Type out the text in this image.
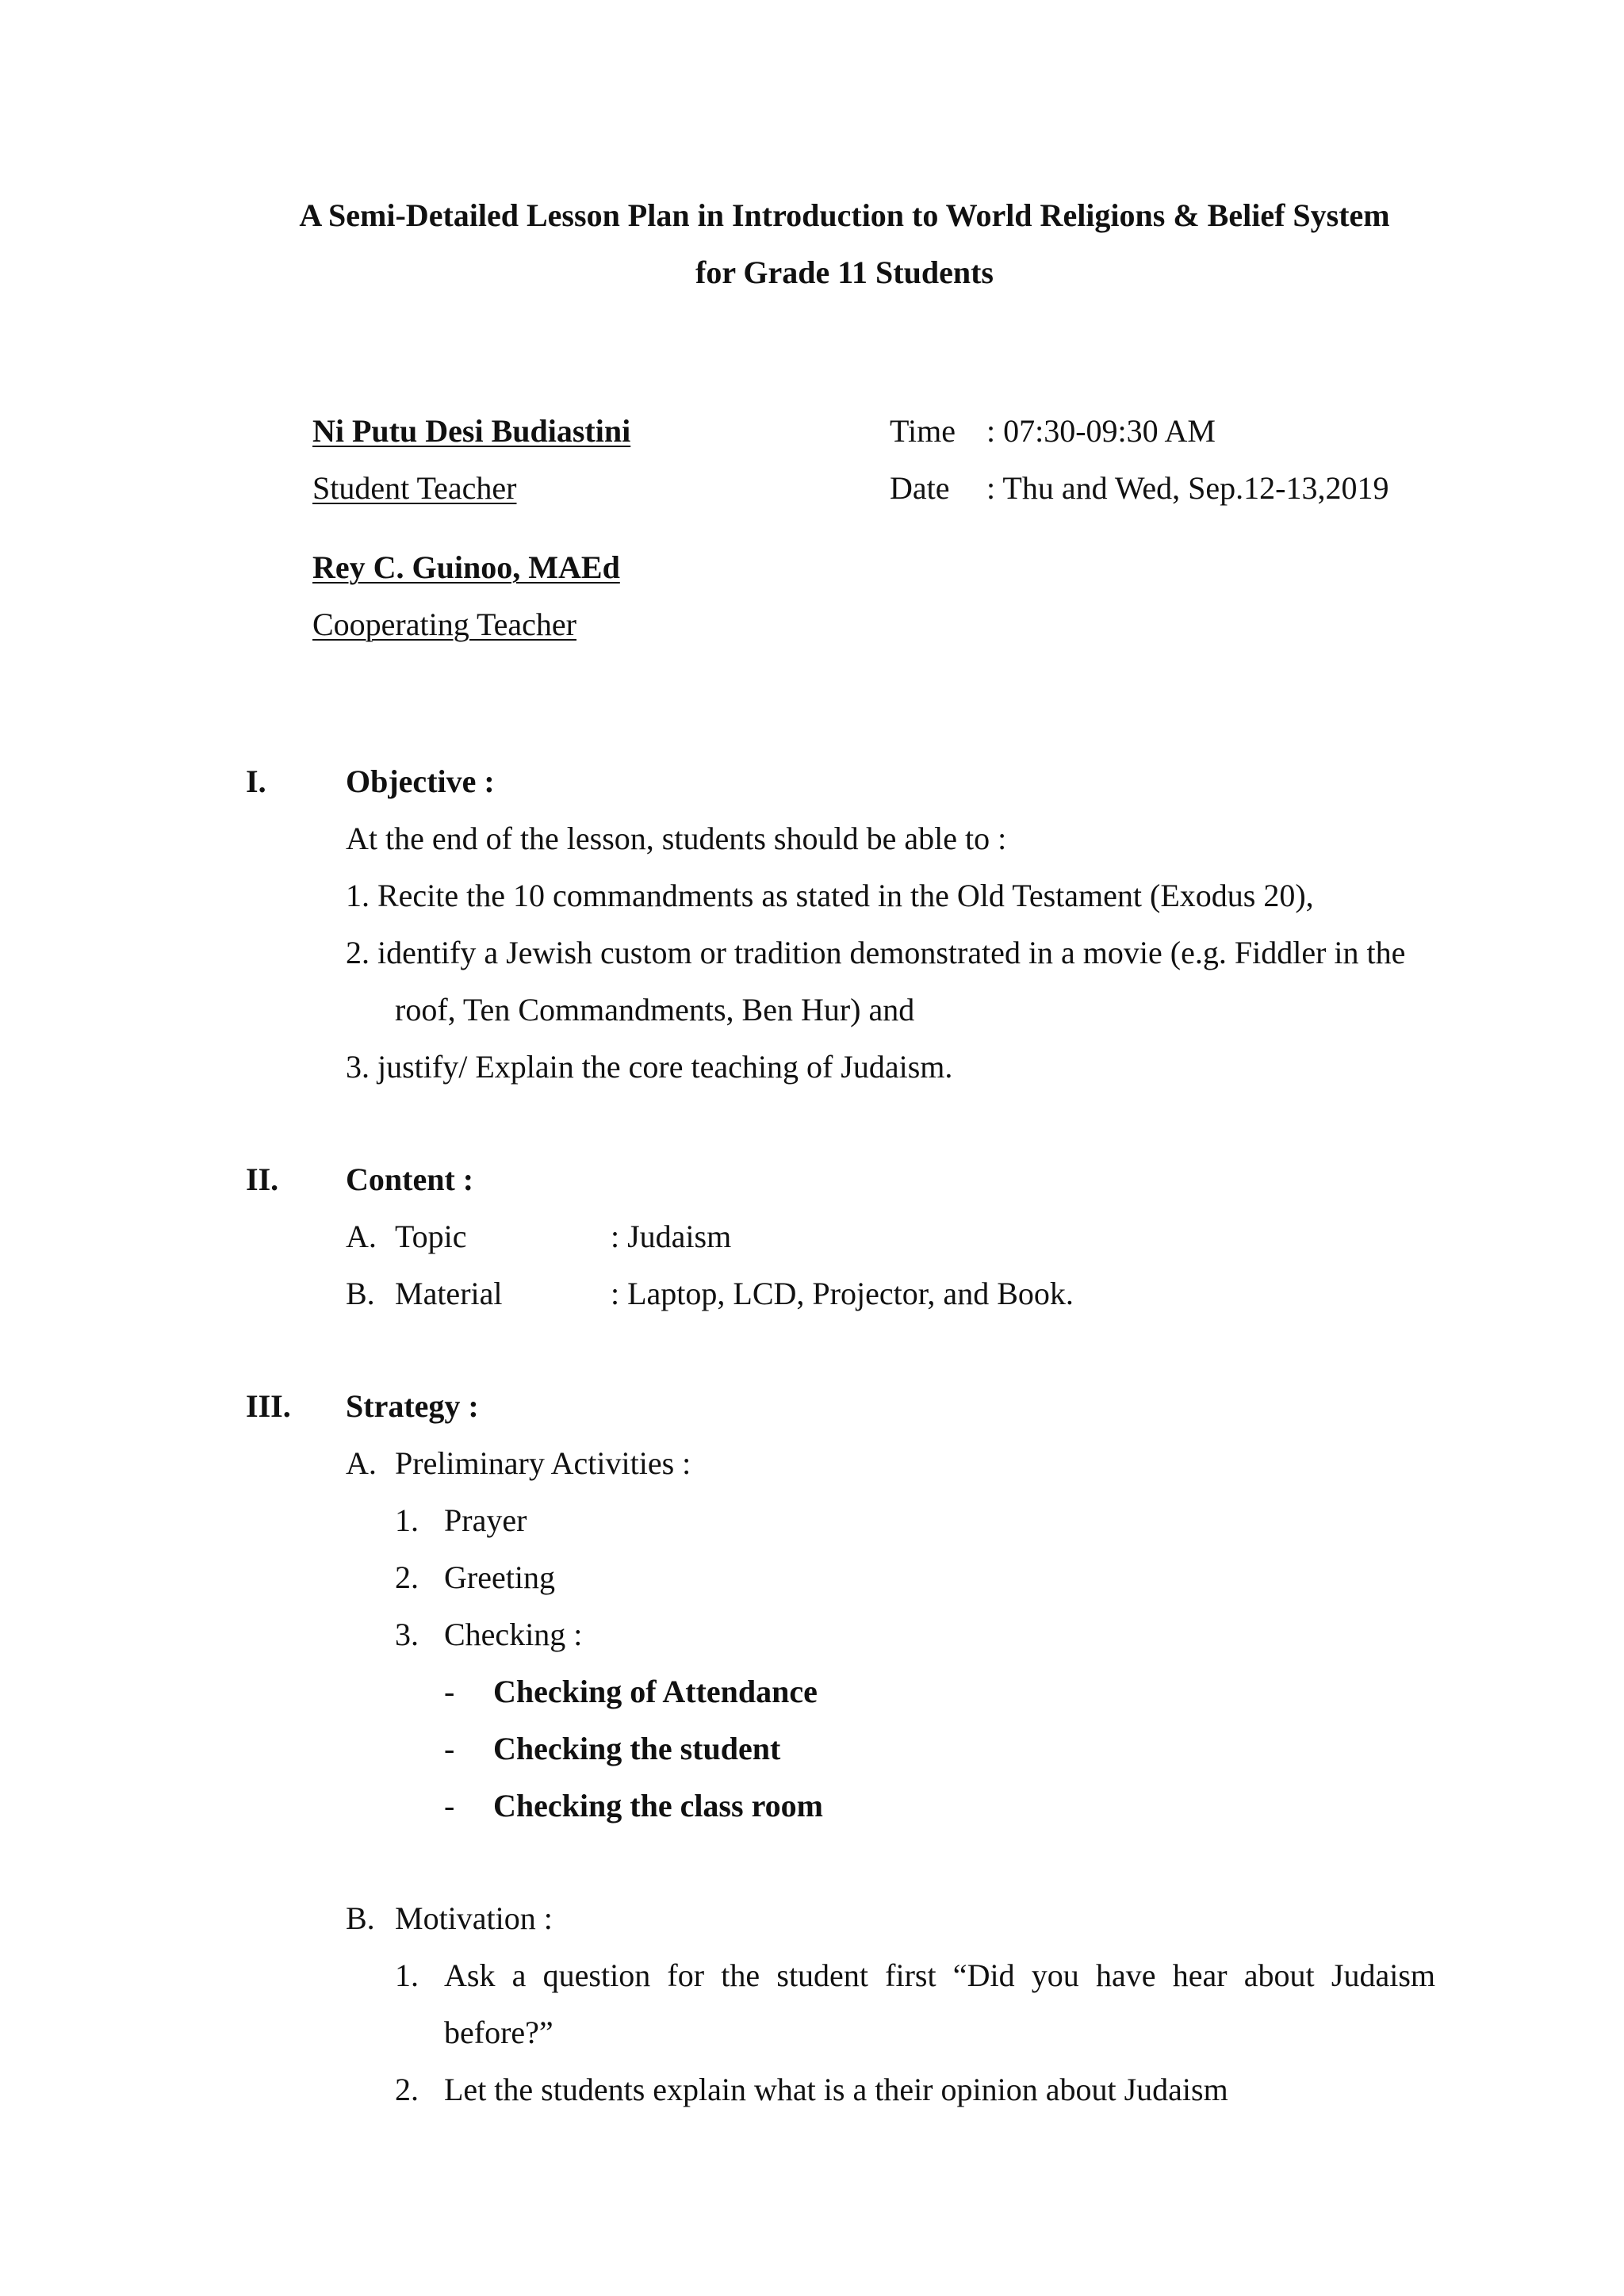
A Semi-Detailed Lesson Plan in Introduction to World Religions & Belief System
for Grade 11 Students
Ni Putu Desi Budiastini
Student Teacher
Rey C. Guinoo, MAEd
Cooperating Teacher
Time : 07:30-09:30 AM
Date : Thu and Wed, Sep.12-13,2019
I.	Objective :
At the end of the lesson, students should be able to :
1. Recite the 10 commandments as stated in the Old Testament (Exodus 20),
2. identify a Jewish custom or tradition demonstrated in a movie (e.g. Fiddler in the
roof, Ten Commandments, Ben Hur) and
3. justify/ Explain the core teaching of Judaism.
II. Content :
A. Topic	: Judaism
B. Material	: Laptop, LCD, Projector, and Book.
III. Strategy :
A. Preliminary Activities :
1. Prayer
2. Greeting
3. Checking :
- Checking of Attendance
- Checking the student
- Checking the class room
B. Motivation :
1. Ask a question for the student first “Did you have hear about Judaism
before?”
2. Let the students explain what is a their opinion about Judaism
